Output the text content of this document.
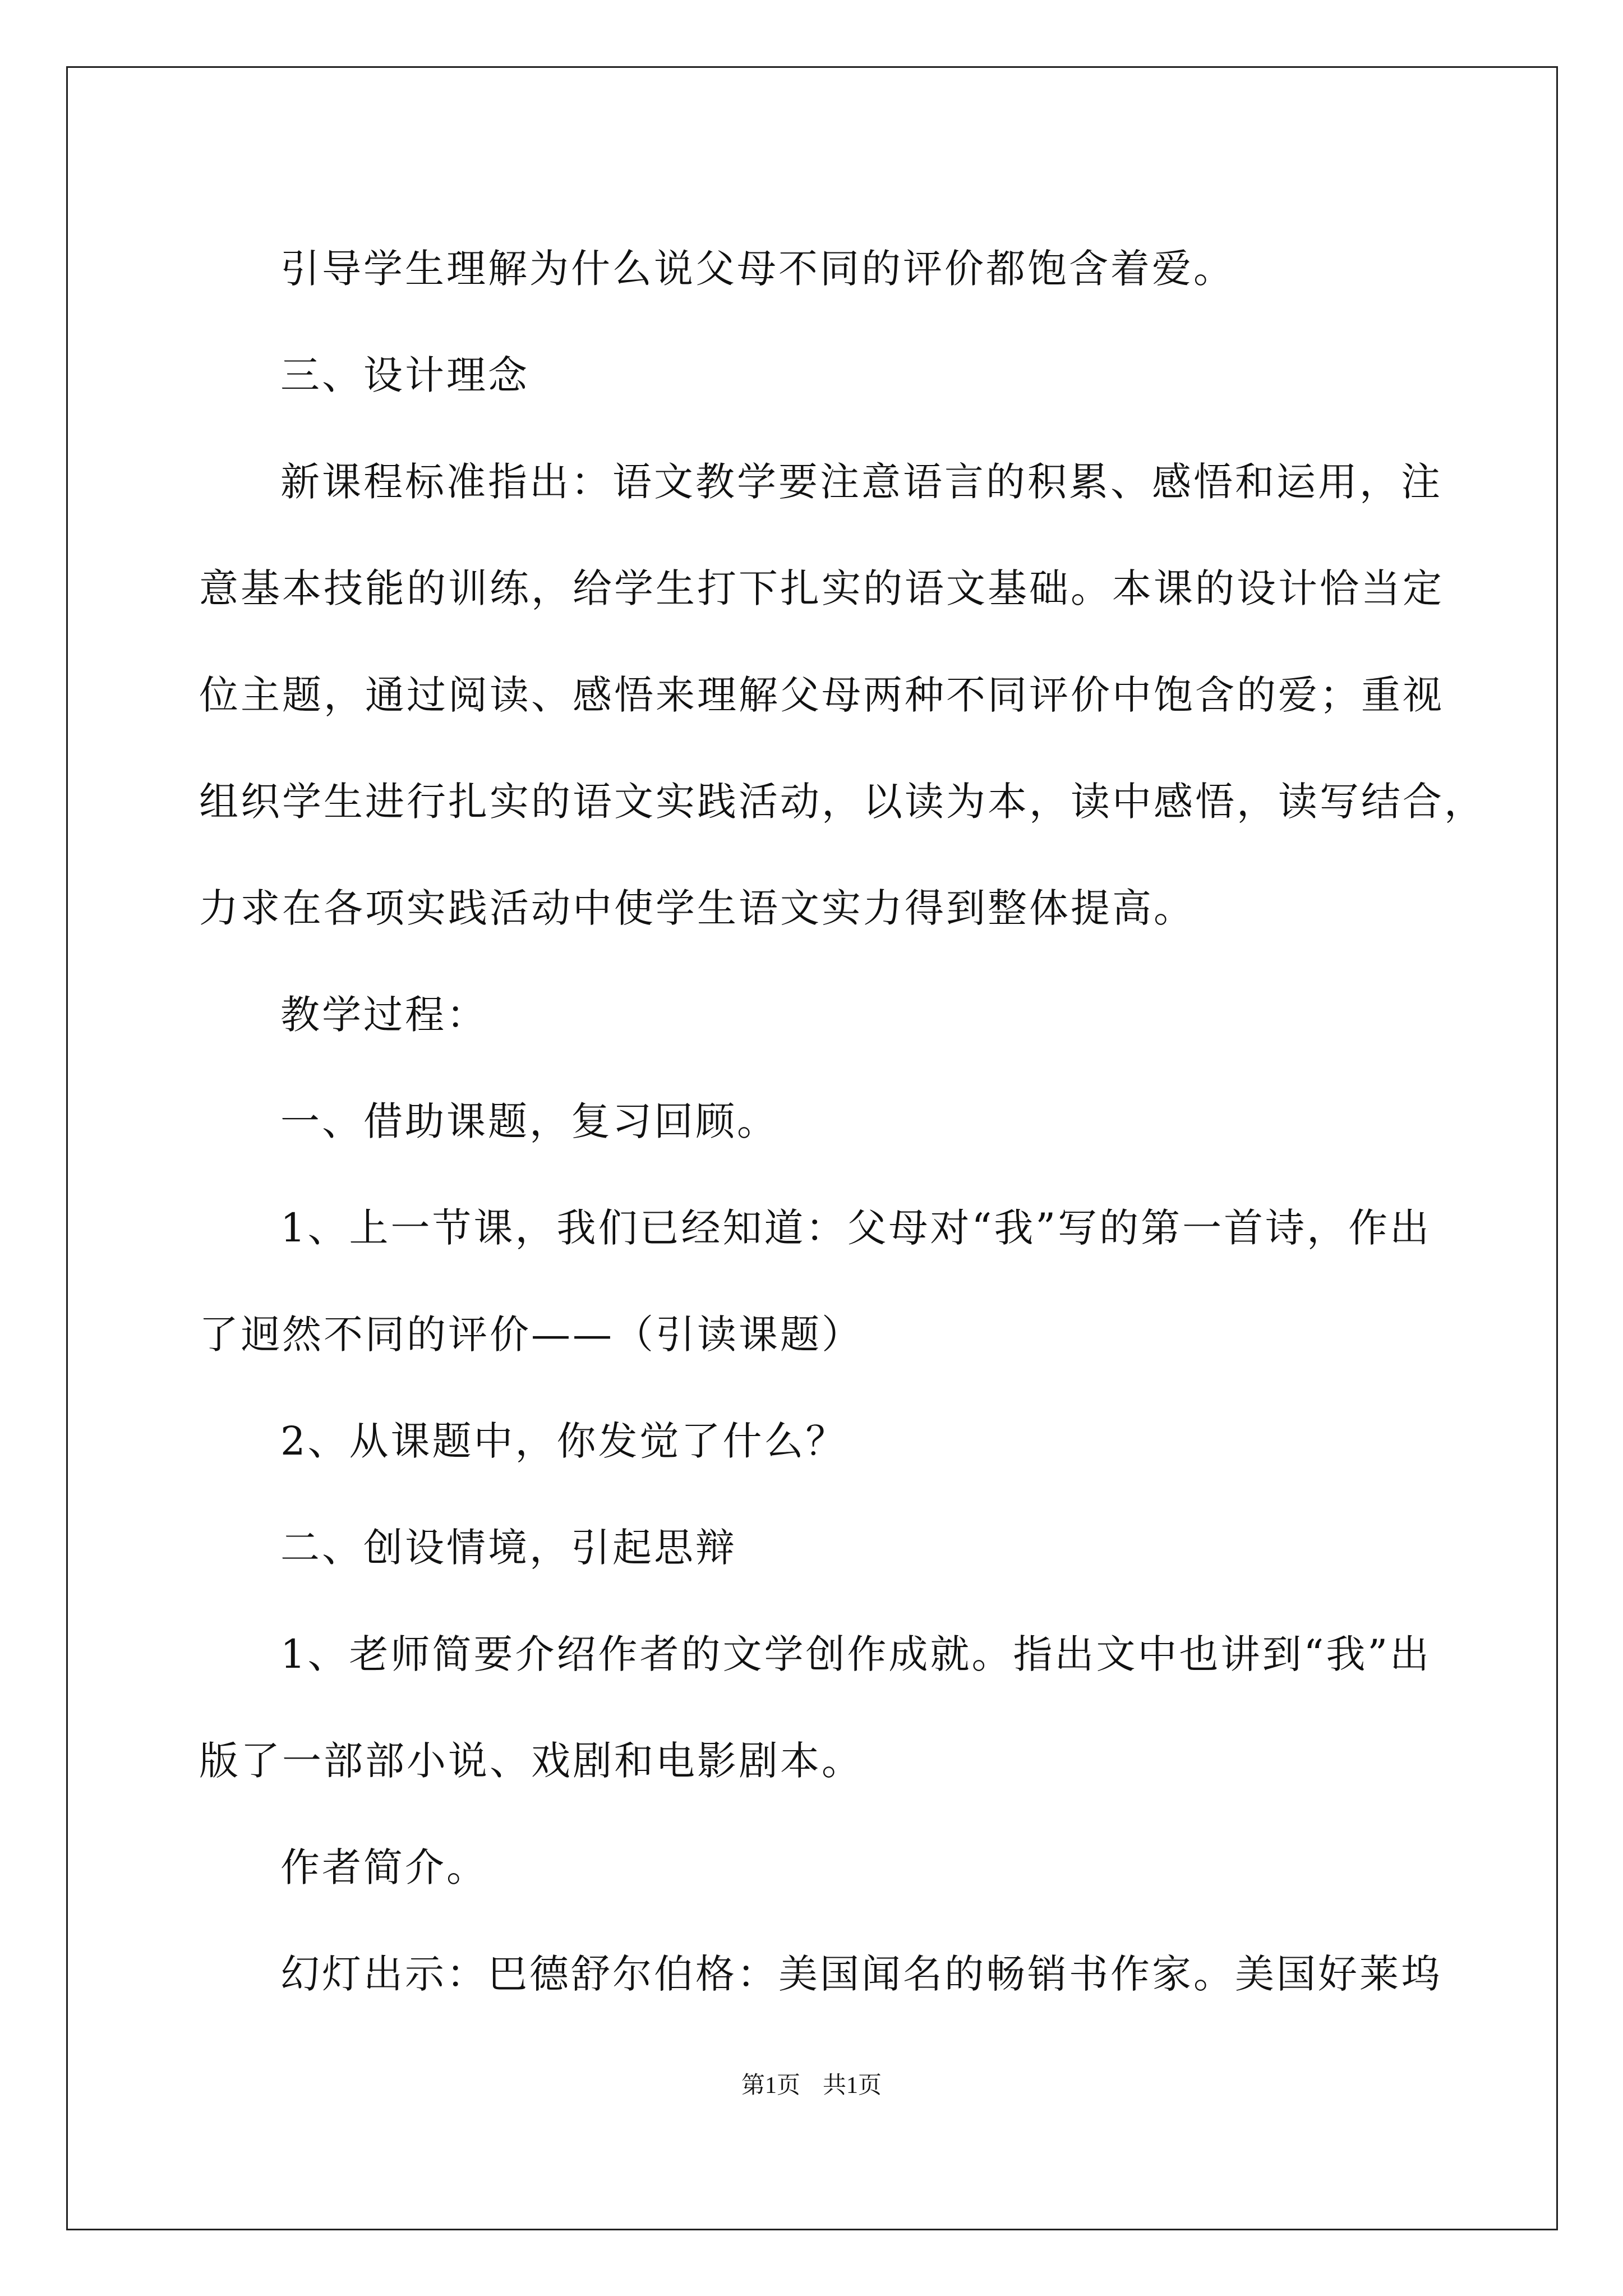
引导学生理解为什么说父母不同的评价都饱含着爱。

三、设计理念

新课程标准指出：语文教学要注意语言的积累、感悟和运用，注

意基本技能的训练，给学生打下扎实的语文基础。本课的设计恰当定

位主题，通过阅读、感悟来理解父母两种不同评价中饱含的爱；重视

组织学生进行扎实的语文实践活动，以读为本，读中感悟，读写结合，

力求在各项实践活动中使学生语文实力得到整体提高。

教学过程：

一、借助课题，复习回顾。

1、上一节课，我们已经知道：父母对“我”写的第一首诗，作出

了迥然不同的评价——（引读课题）

2、从课题中，你发觉了什么？

二、创设情境，引起思辩

1、老师简要介绍作者的文学创作成就。指出文中也讲到“我”出

版了一部部小说、戏剧和电影剧本。

作者简介。

幻灯出示：巴德舒尔伯格：美国闻名的畅销书作家。美国好莱坞

第1页 共1页
